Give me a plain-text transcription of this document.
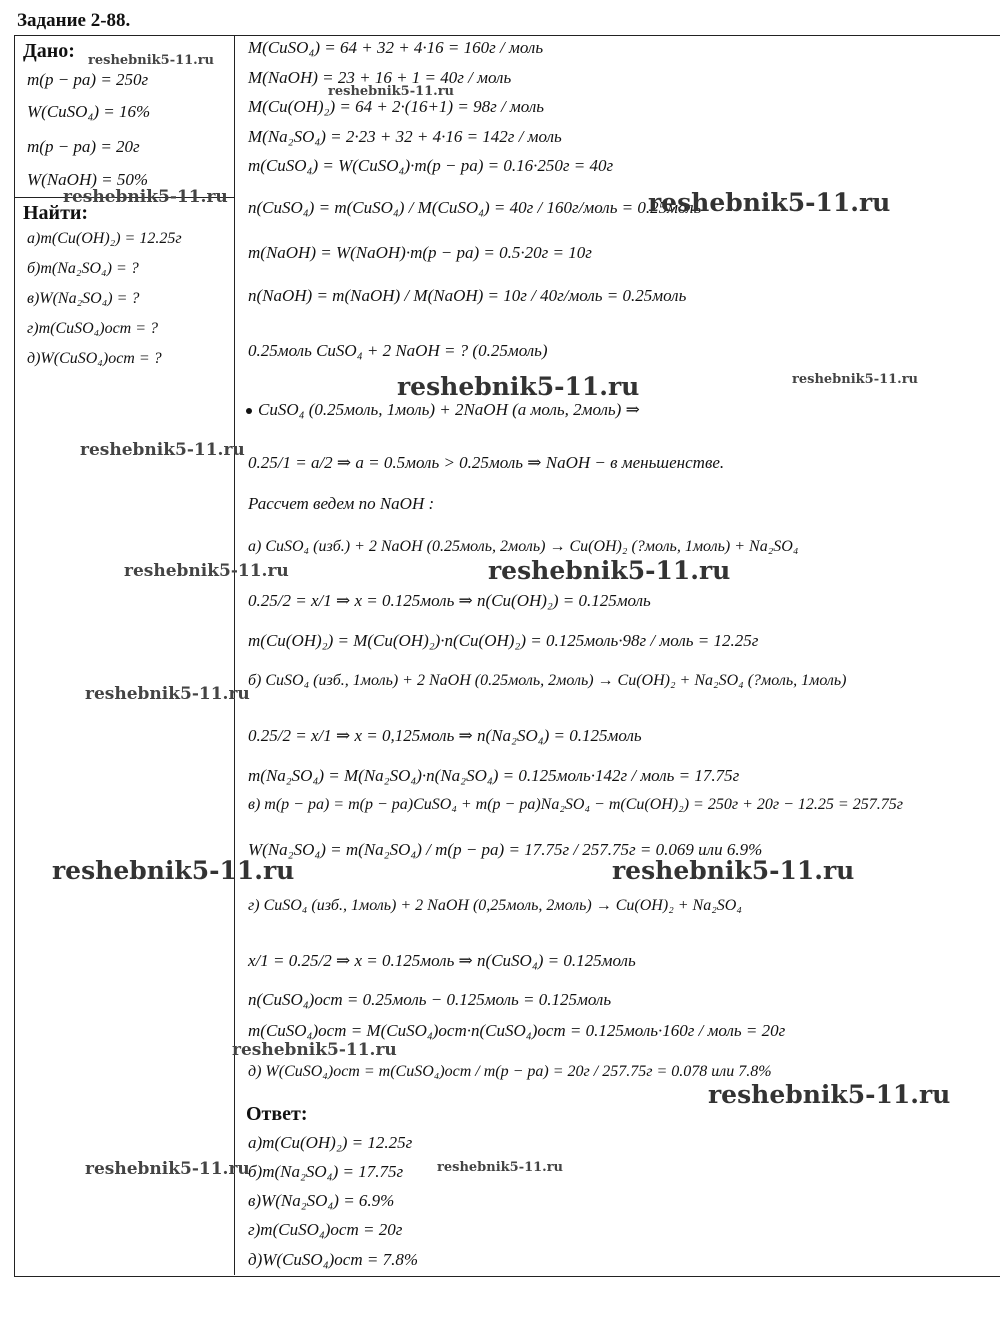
Задание 2-88.
Дано:
m(p − pa) = 250г
W(CuSO₄) = 16%
m(p − pa) = 20г
W(NaOH) = 50%
Найти:
а)m(Cu(OH)₂) = 12.25г
б)m(Na₂SO₄) = ?
в)W(Na₂SO₄) = ?
г)m(CuSO₄)ост = ?
д)W(CuSO₄)ост = ?
M(CuSO₄) = 64 + 32 + 4·16 = 160г / моль
M(NaOH) = 23 + 16 + 1 = 40г / моль
M(Cu(OH)₂) = 64 + 2·(16+1) = 98г / моль
M(Na₂SO₄) = 2·23 + 32 + 4·16 = 142г / моль
m(CuSO₄) = W(CuSO₄)·m(p − pa) = 0.16·250г = 40г
n(CuSO₄) = m(CuSO₄) / M(CuSO₄) = 40г / 160г/моль = 0.25моль
m(NaOH) = W(NaOH)·m(p − pa) = 0.5·20г = 10г
n(NaOH) = m(NaOH) / M(NaOH) = 10г / 40г/моль = 0.25моль
0.25моль CuSO₄ + 2 NaOH = ? (0.25моль)
CuSO₄ (0.25моль, 1моль) + 2NaOH (а моль, 2моль) ⇒
0.25/1 = а/2 ⇒ а = 0.5моль > 0.25моль ⇒ NaOH − в меньшенстве.
Рассчет ведем по NaOH :
а) CuSO₄ (изб.) + 2 NaOH (0.25моль, 2моль) → Cu(OH)₂ (?моль, 1моль) + Na₂SO₄
0.25/2 = x/1 ⇒ x = 0.125моль ⇒ n(Cu(OH)₂) = 0.125моль
m(Cu(OH)₂) = M(Cu(OH)₂)·n(Cu(OH)₂) = 0.125моль·98г / моль = 12.25г
б) CuSO₄ (изб., 1моль) + 2 NaOH (0.25моль, 2моль) → Cu(OH)₂ + Na₂SO₄ (?моль, 1моль)
0.25/2 = x/1 ⇒ x = 0,125моль ⇒ n(Na₂SO₄) = 0.125моль
m(Na₂SO₄) = M(Na₂SO₄)·n(Na₂SO₄) = 0.125моль·142г / моль = 17.75г
в) m(p − pa) = m(p − pa)CuSO₄ + m(p − pa)Na₂SO₄ − m(Cu(OH)₂) = 250г + 20г − 12.25 = 257.75г
W(Na₂SO₄) = m(Na₂SO₄) / m(p − pa) = 17.75г / 257.75г = 0.069 или 6.9%
г) CuSO₄ (изб., 1моль) + 2 NaOH (0,25моль, 2моль) → Cu(OH)₂ + Na₂SO₄
x/1 = 0.25/2 ⇒ x = 0.125моль ⇒ n(CuSO₄) = 0.125моль
n(CuSO₄)ост = 0.25моль − 0.125моль = 0.125моль
m(CuSO₄)ост = M(CuSO₄)ост·n(CuSO₄)ост = 0.125моль·160г / моль = 20г
д) W(CuSO₄)ост = m(CuSO₄)ост / m(p − pa) = 20г / 257.75г = 0.078 или 7.8%
Ответ:
а)m(Cu(OH)₂) = 12.25г
б)m(Na₂SO₄) = 17.75г
в)W(Na₂SO₄) = 6.9%
г)m(CuSO₄)ост = 20г
д)W(CuSO₄)ост = 7.8%
reshebnik5-11.ru
reshebnik5-11.ru
reshebnik5-11.ru	reshebnik5-11.ru
reshebnik5-11.ru	reshebnik5-11.ru
reshebnik5-11.ru
reshebnik5-11.ru	reshebnik5-11.ru
reshebnik5-11.ru
reshebnik5-11.ru	reshebnik5-11.ru
reshebnik5-11.ru
reshebnik5-11.ru
reshebnik5-11.ru	reshebnik5-11.ru
